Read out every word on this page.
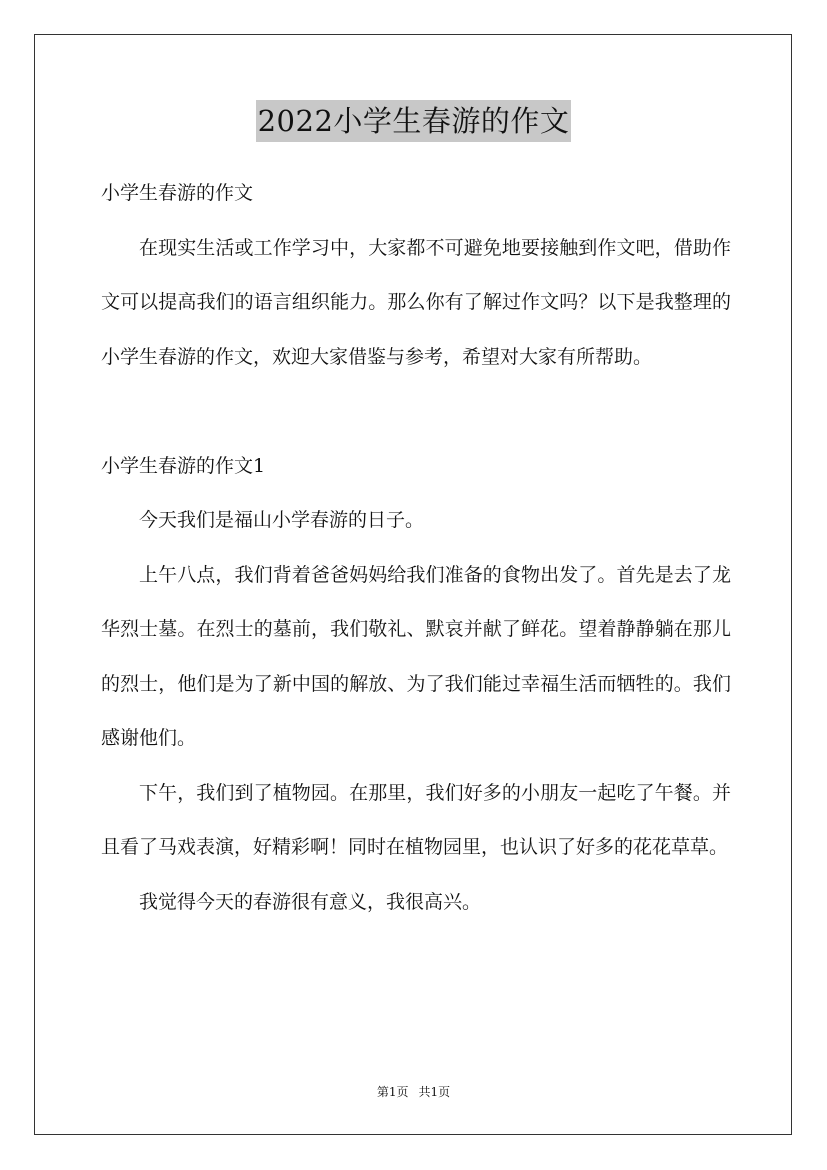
2022小学生春游的作文

小学生春游的作文

在现实生活或工作学习中，大家都不可避免地要接触到作文吧，借助作文可以提高我们的语言组织能力。那么你有了解过作文吗？以下是我整理的小学生春游的作文，欢迎大家借鉴与参考，希望对大家有所帮助。

小学生春游的作文1

今天我们是福山小学春游的日子。

上午八点，我们背着爸爸妈妈给我们准备的食物出发了。首先是去了龙华烈士墓。在烈士的墓前，我们敬礼、默哀并献了鲜花。望着静静躺在那儿的烈士，他们是为了新中国的解放、为了我们能过幸福生活而牺牲的。我们感谢他们。

下午，我们到了植物园。在那里，我们好多的小朋友一起吃了午餐。并且看了马戏表演，好精彩啊！同时在植物园里，也认识了好多的花花草草。

我觉得今天的春游很有意义，我很高兴。

第1页 共1页
